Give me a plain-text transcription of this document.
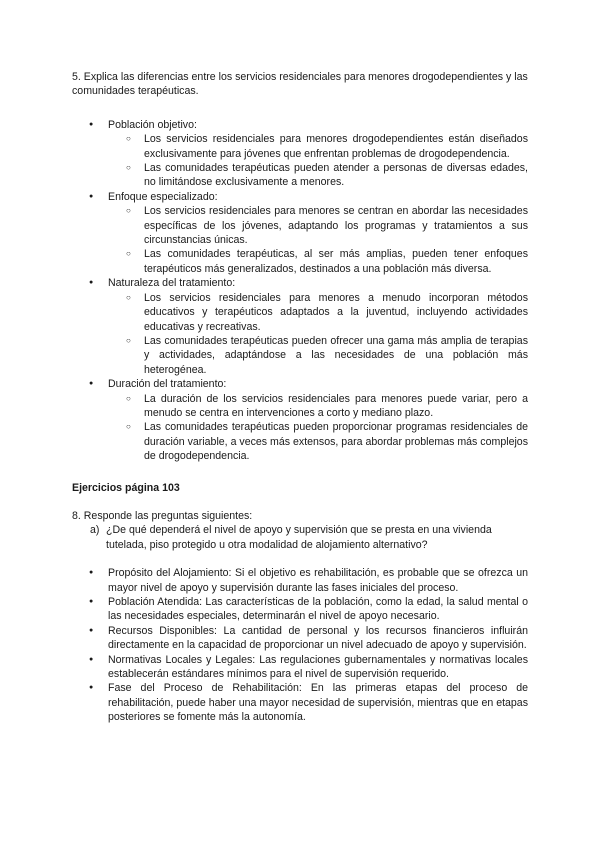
5. Explica las diferencias entre los servicios residenciales para menores drogodependientes y las comunidades terapéuticas.

● Población objetivo:
○ Los servicios residenciales para menores drogodependientes están diseñados exclusivamente para jóvenes que enfrentan problemas de drogodependencia.
○ Las comunidades terapéuticas pueden atender a personas de diversas edades, no limitándose exclusivamente a menores.
● Enfoque especializado:
○ Los servicios residenciales para menores se centran en abordar las necesidades específicas de los jóvenes, adaptando los programas y tratamientos a sus circunstancias únicas.
○ Las comunidades terapéuticas, al ser más amplias, pueden tener enfoques terapéuticos más generalizados, destinados a una población más diversa.
● Naturaleza del tratamiento:
○ Los servicios residenciales para menores a menudo incorporan métodos educativos y terapéuticos adaptados a la juventud, incluyendo actividades educativas y recreativas.
○ Las comunidades terapéuticas pueden ofrecer una gama más amplia de terapias y actividades, adaptándose a las necesidades de una población más heterogénea.
● Duración del tratamiento:
○ La duración de los servicios residenciales para menores puede variar, pero a menudo se centra en intervenciones a corto y mediano plazo.
○ Las comunidades terapéuticas pueden proporcionar programas residenciales de duración variable, a veces más extensos, para abordar problemas más complejos de drogodependencia.

Ejercicios página 103

8. Responde las preguntas siguientes:

a) ¿De qué dependerá el nivel de apoyo y supervisión que se presta en una vivienda tutelada, piso protegido u otra modalidad de alojamiento alternativo?
● Propósito del Alojamiento: Si el objetivo es rehabilitación, es probable que se ofrezca un mayor nivel de apoyo y supervisión durante las fases iniciales del proceso.
● Población Atendida: Las características de la población, como la edad, la salud mental o las necesidades especiales, determinarán el nivel de apoyo necesario.
● Recursos Disponibles: La cantidad de personal y los recursos financieros influirán directamente en la capacidad de proporcionar un nivel adecuado de apoyo y supervisión.
● Normativas Locales y Legales: Las regulaciones gubernamentales y normativas locales establecerán estándares mínimos para el nivel de supervisión requerido.
● Fase del Proceso de Rehabilitación: En las primeras etapas del proceso de rehabilitación, puede haber una mayor necesidad de supervisión, mientras que en etapas posteriores se fomente más la autonomía.
